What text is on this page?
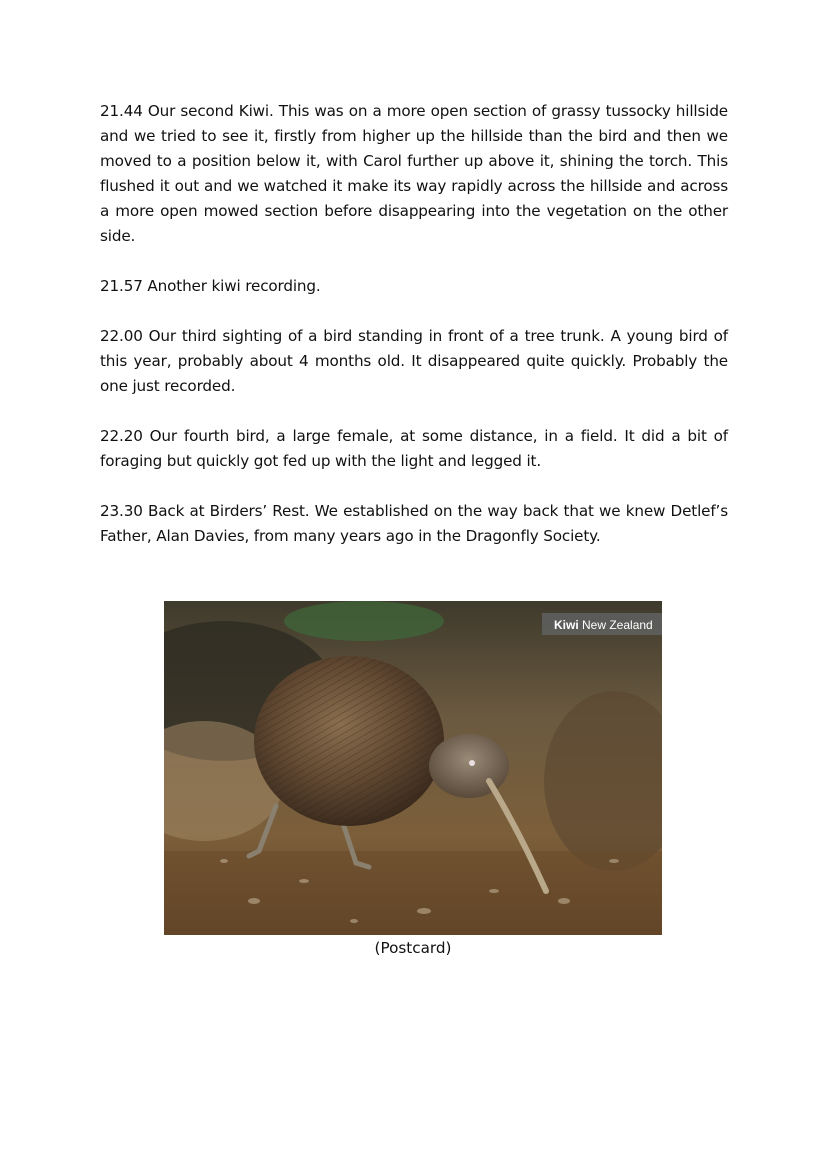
21.44 Our second Kiwi. This was on a more open section of grassy tussocky hillside and we tried to see it, firstly from higher up the hillside than the bird and then we moved to a position below it, with Carol further up above it, shining the torch. This flushed it out and we watched it make its way rapidly across the hillside and across a more open mowed section before disappearing into the vegetation on the other side.

21.57 Another kiwi recording.

22.00 Our third sighting of a bird standing in front of a tree trunk. A young bird of this year, probably about 4 months old. It disappeared quite quickly. Probably the one just recorded.

22.20 Our fourth bird, a large female, at some distance, in a field. It did a bit of foraging but quickly got fed up with the light and legged it.

23.30 Back at Birders’ Rest. We established on the way back that we knew Detlef’s Father, Alan Davies, from many years ago in the Dragonfly Society.

Kiwi New Zealand
(Postcard)
